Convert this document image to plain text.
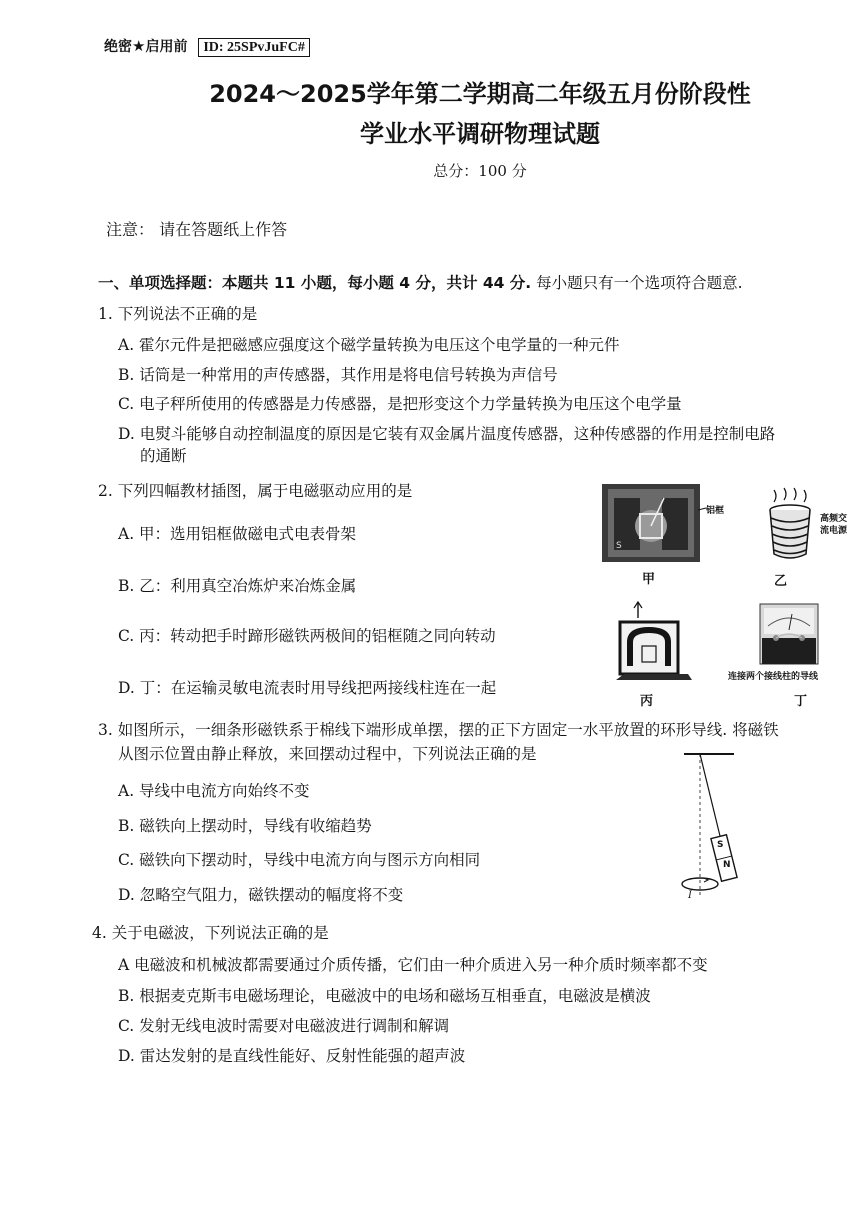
绝密★启用前 ID: 25SPvJuFC#
2024～2025学年第二学期高二年级五月份阶段性
学业水平调研物理试题
总分：100 分
注意： 请在答题纸上作答
一、单项选择题：本题共 11 小题，每小题 4 分，共计 44 分. 每小题只有一个选项符合题意.
1. 下列说法不正确的是
A. 霍尔元件是把磁感应强度这个磁学量转换为电压这个电学量的一种元件
B. 话筒是一种常用的声传感器，其作用是将电信号转换为声信号
C. 电子秤所使用的传感器是力传感器，是把形变这个力学量转换为电压这个电学量
D. 电熨斗能够自动控制温度的原因是它装有双金属片温度传感器，这种传感器的作用是控制电路
的通断
2. 下列四幅教材插图，属于电磁驱动应用的是
A. 甲：选用铝框做磁电式电表骨架
B. 乙：利用真空冶炼炉来冶炼金属
C. 丙：转动把手时蹄形磁铁两极间的铝框随之同向转动
D. 丁：在运输灵敏电流表时用导线把两接线柱连在一起
S
铝框
高频交
流电源
甲	乙
连接两个接线柱的导线
丙	丁
3. 如图所示，一细条形磁铁系于棉线下端形成单摆，摆的正下方固定一水平放置的环形导线. 将磁铁
从图示位置由静止释放，来回摆动过程中，下列说法正确的是
A. 导线中电流方向始终不变
B. 磁铁向上摆动时，导线有收缩趋势
C. 磁铁向下摆动时，导线中电流方向与图示方向相同
D. 忽略空气阻力，磁铁摆动的幅度将不变
S
N
I
4. 关于电磁波，下列说法正确的是
A 电磁波和机械波都需要通过介质传播，它们由一种介质进入另一种介质时频率都不变
B. 根据麦克斯韦电磁场理论，电磁波中的电场和磁场互相垂直，电磁波是横波
C. 发射无线电波时需要对电磁波进行调制和解调
D. 雷达发射的是直线性能好、反射性能强的超声波
